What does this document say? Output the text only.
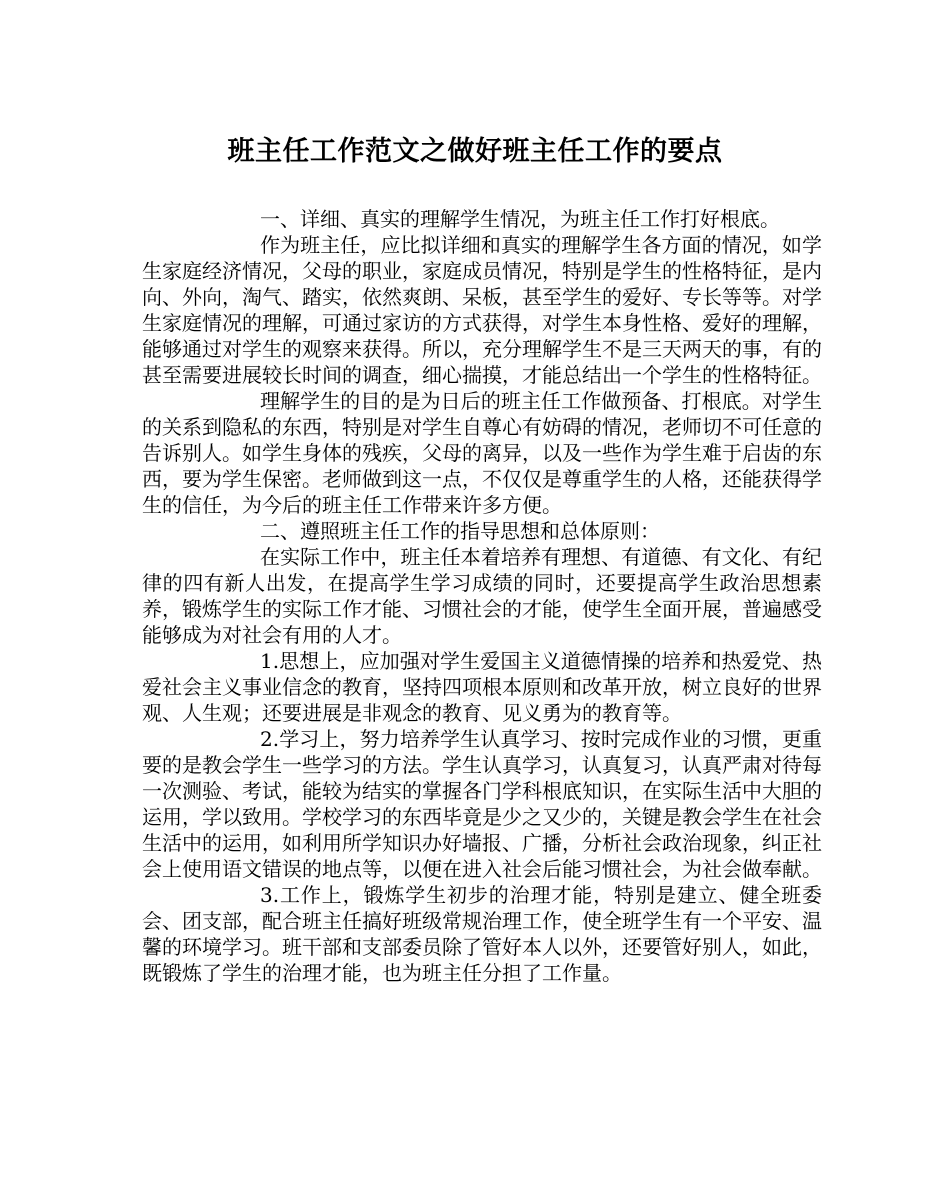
班主任工作范文之做好班主任工作的要点

一、详细、真实的理解学生情况，为班主任工作打好根底。

作为班主任，应比拟详细和真实的理解学生各方面的情况，如学生家庭经济情况，父母的职业，家庭成员情况，特别是学生的性格特征，是内向、外向，淘气、踏实，依然爽朗、呆板，甚至学生的爱好、专长等等。对学生家庭情况的理解，可通过家访的方式获得，对学生本身性格、爱好的理解，能够通过对学生的观察来获得。所以，充分理解学生不是三天两天的事，有的甚至需要进展较长时间的调查，细心揣摸，才能总结出一个学生的性格特征。

理解学生的目的是为日后的班主任工作做预备、打根底。对学生的关系到隐私的东西，特别是对学生自尊心有妨碍的情况，老师切不可任意的告诉别人。如学生身体的残疾，父母的离异，以及一些作为学生难于启齿的东西，要为学生保密。老师做到这一点，不仅仅是尊重学生的人格，还能获得学生的信任，为今后的班主任工作带来许多方便。

二、遵照班主任工作的指导思想和总体原则：

在实际工作中，班主任本着培养有理想、有道德、有文化、有纪律的四有新人出发，在提高学生学习成绩的同时，还要提高学生政治思想素养，锻炼学生的实际工作才能、习惯社会的才能，使学生全面开展，普遍感受能够成为对社会有用的人才。

1.思想上，应加强对学生爱国主义道德情操的培养和热爱党、热爱社会主义事业信念的教育，坚持四项根本原则和改革开放，树立良好的世界观、人生观；还要进展是非观念的教育、见义勇为的教育等。

2.学习上，努力培养学生认真学习、按时完成作业的习惯，更重要的是教会学生一些学习的方法。学生认真学习，认真复习，认真严肃对待每一次测验、考试，能较为结实的掌握各门学科根底知识，在实际生活中大胆的运用，学以致用。学校学习的东西毕竟是少之又少的，关键是教会学生在社会生活中的运用，如利用所学知识办好墙报、广播，分析社会政治现象，纠正社会上使用语文错误的地点等，以便在进入社会后能习惯社会，为社会做奉献。

3.工作上，锻炼学生初步的治理才能，特别是建立、健全班委会、团支部，配合班主任搞好班级常规治理工作，使全班学生有一个平安、温馨的环境学习。班干部和支部委员除了管好本人以外，还要管好别人，如此，既锻炼了学生的治理才能，也为班主任分担了工作量。
